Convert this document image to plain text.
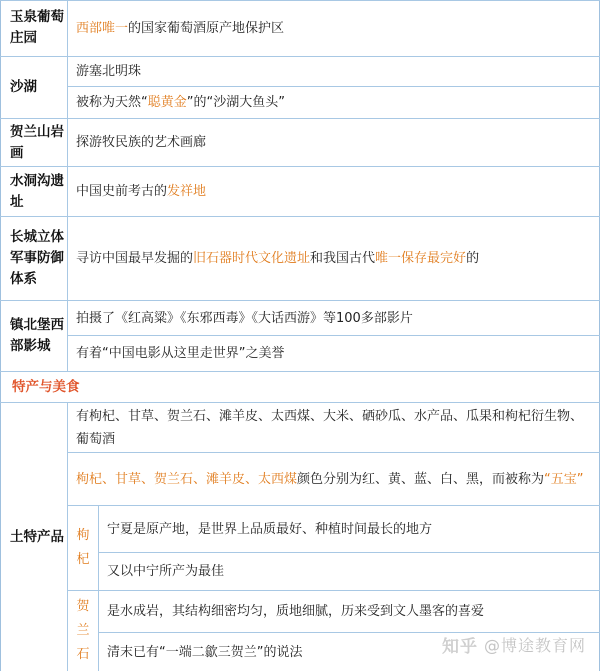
玉泉葡萄庄园
西部唯一的国家葡萄酒原产地保护区
沙湖
游塞北明珠
被称为天然“聪黄金”的“沙湖大鱼头”
贺兰山岩画
探游牧民族的艺术画廊
水洞沟遗址
中国史前考古的发祥地
长城立体军事防御体系
寻访中国最早发掘的旧石器时代文化遗址和我国古代唯一保存最完好的
镇北堡西部影城
拍摄了《红高粱》《东邪西毒》《大话西游》等100多部影片
有着“中国电影从这里走世界”之美誉
特产与美食
土特产品
有枸杞、甘草、贺兰石、滩羊皮、太西煤、大米、硒砂瓜、水产品、瓜果和枸杞衍生物、葡萄酒
枸杞、甘草、贺兰石、滩羊皮、太西煤颜色分别为红、黄、蓝、白、黑，而被称为“五宝”
枸杞
宁夏是原产地，是世界上品质最好、种植时间最长的地方
又以中宁所产为最佳
贺兰石
是水成岩，其结构细密均匀，质地细腻，历来受到文人墨客的喜爱
清末已有“一端二歙三贺兰”的说法	知乎 @博途教育网
